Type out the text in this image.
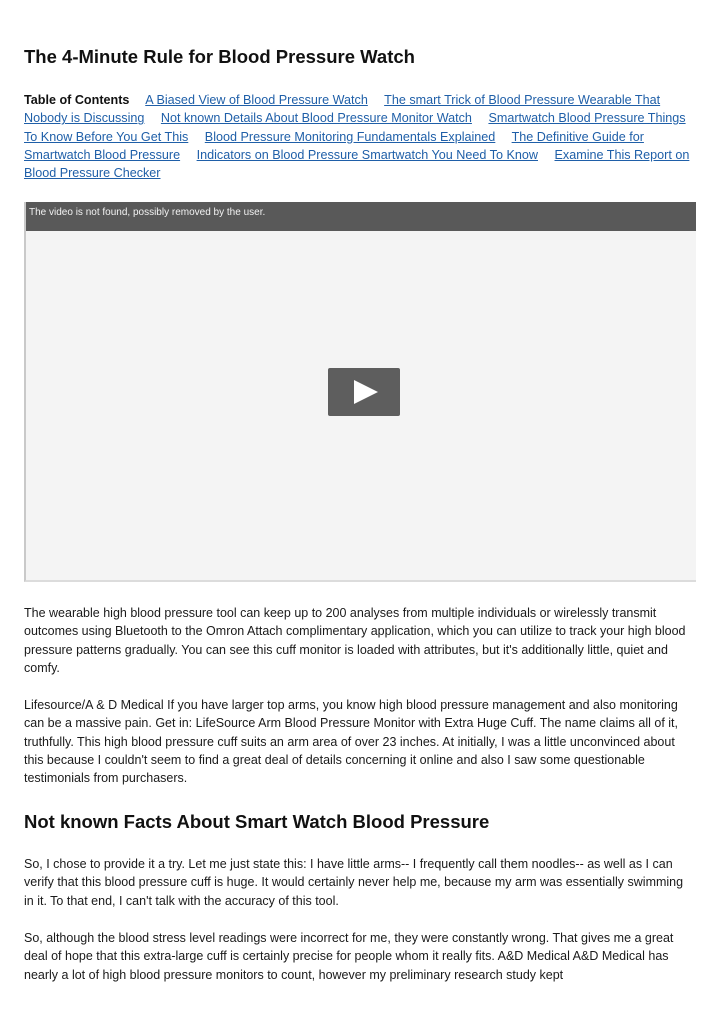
The 4-Minute Rule for Blood Pressure Watch

Table of Contents A Biased View of Blood Pressure Watch The smart Trick of Blood Pressure Wearable That Nobody is Discussing Not known Details About Blood Pressure Monitor Watch Smartwatch Blood Pressure Things To Know Before You Get This Blood Pressure Monitoring Fundamentals Explained The Definitive Guide for Smartwatch Blood Pressure Indicators on Blood Pressure Smartwatch You Need To Know Examine This Report on Blood Pressure Checker

The video is not found, possibly removed by the user.

The wearable high blood pressure tool can keep up to 200 analyses from multiple individuals or wirelessly transmit outcomes using Bluetooth to the Omron Attach complimentary application, which you can utilize to track your high blood pressure patterns gradually. You can see this cuff monitor is loaded with attributes, but it's additionally little, quiet and comfy.

Lifesource/A & D Medical If you have larger top arms, you know high blood pressure management and also monitoring can be a massive pain. Get in: LifeSource Arm Blood Pressure Monitor with Extra Huge Cuff. The name claims all of it, truthfully. This high blood pressure cuff suits an arm area of over 23 inches. At initially, I was a little unconvinced about this because I couldn't seem to find a great deal of details concerning it online and also I saw some questionable testimonials from purchasers.

Not known Facts About Smart Watch Blood Pressure

So, I chose to provide it a try. Let me just state this: I have little arms-- I frequently call them noodles-- as well as I can verify that this blood pressure cuff is huge. It would certainly never help me, because my arm was essentially swimming in it. To that end, I can't talk with the accuracy of this tool.

So, although the blood stress level readings were incorrect for me, they were constantly wrong. That gives me a great deal of hope that this extra-large cuff is certainly precise for people whom it really fits. A&D Medical A&D Medical has nearly a lot of high blood pressure monitors to count, however my preliminary research study kept
